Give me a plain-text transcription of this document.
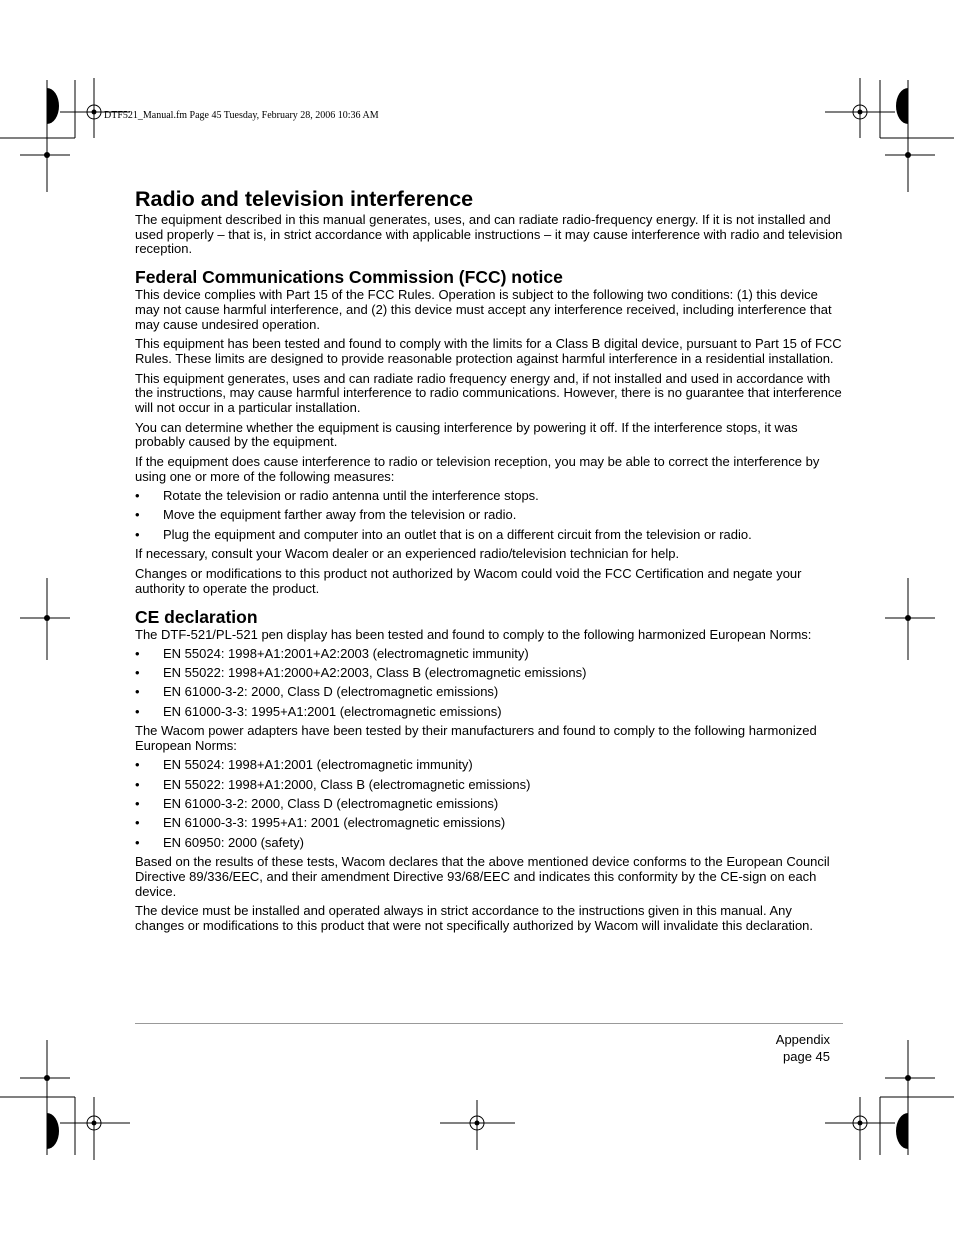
DTF521_Manual.fm Page 45 Tuesday, February 28, 2006 10:36 AM
Radio and television interference

The equipment described in this manual generates, uses, and can radiate radio-frequency energy. If it is not installed and used properly – that is, in strict accordance with applicable instructions – it may cause interference with radio and television reception.

Federal Communications Commission (FCC) notice

This device complies with Part 15 of the FCC Rules. Operation is subject to the following two conditions: (1) this device may not cause harmful interference, and (2) this device must accept any interference received, including interference that may cause undesired operation.

This equipment has been tested and found to comply with the limits for a Class B digital device, pursuant to Part 15 of FCC Rules. These limits are designed to provide reasonable protection against harmful interference in a residential installation.

This equipment generates, uses and can radiate radio frequency energy and, if not installed and used in accordance with the instructions, may cause harmful interference to radio communications. However, there is no guarantee that interference will not occur in a particular installation.

You can determine whether the equipment is causing interference by powering it off. If the interference stops, it was probably caused by the equipment.

If the equipment does cause interference to radio or television reception, you may be able to correct the interference by using one or more of the following measures:

• Rotate the television or radio antenna until the interference stops.
• Move the equipment farther away from the television or radio.
• Plug the equipment and computer into an outlet that is on a different circuit from the television or radio.

If necessary, consult your Wacom dealer or an experienced radio/television technician for help.

Changes or modifications to this product not authorized by Wacom could void the FCC Certification and negate your authority to operate the product.

CE declaration

The DTF-521/PL-521 pen display has been tested and found to comply to the following harmonized European Norms:

• EN 55024: 1998+A1:2001+A2:2003 (electromagnetic immunity)
• EN 55022: 1998+A1:2000+A2:2003, Class B (electromagnetic emissions)
• EN 61000-3-2: 2000, Class D (electromagnetic emissions)
• EN 61000-3-3: 1995+A1:2001 (electromagnetic emissions)

The Wacom power adapters have been tested by their manufacturers and found to comply to the following harmonized European Norms:

• EN 55024: 1998+A1:2001 (electromagnetic immunity)
• EN 55022: 1998+A1:2000, Class B (electromagnetic emissions)
• EN 61000-3-2: 2000, Class D (electromagnetic emissions)
• EN 61000-3-3: 1995+A1: 2001 (electromagnetic emissions)
• EN 60950: 2000 (safety)

Based on the results of these tests, Wacom declares that the above mentioned device conforms to the European Council Directive 89/336/EEC, and their amendment Directive 93/68/EEC and indicates this conformity by the CE-sign on each device.

The device must be installed and operated always in strict accordance to the instructions given in this manual. Any changes or modifications to this product that were not specifically authorized by Wacom will invalidate this declaration.

Appendix
page 45
